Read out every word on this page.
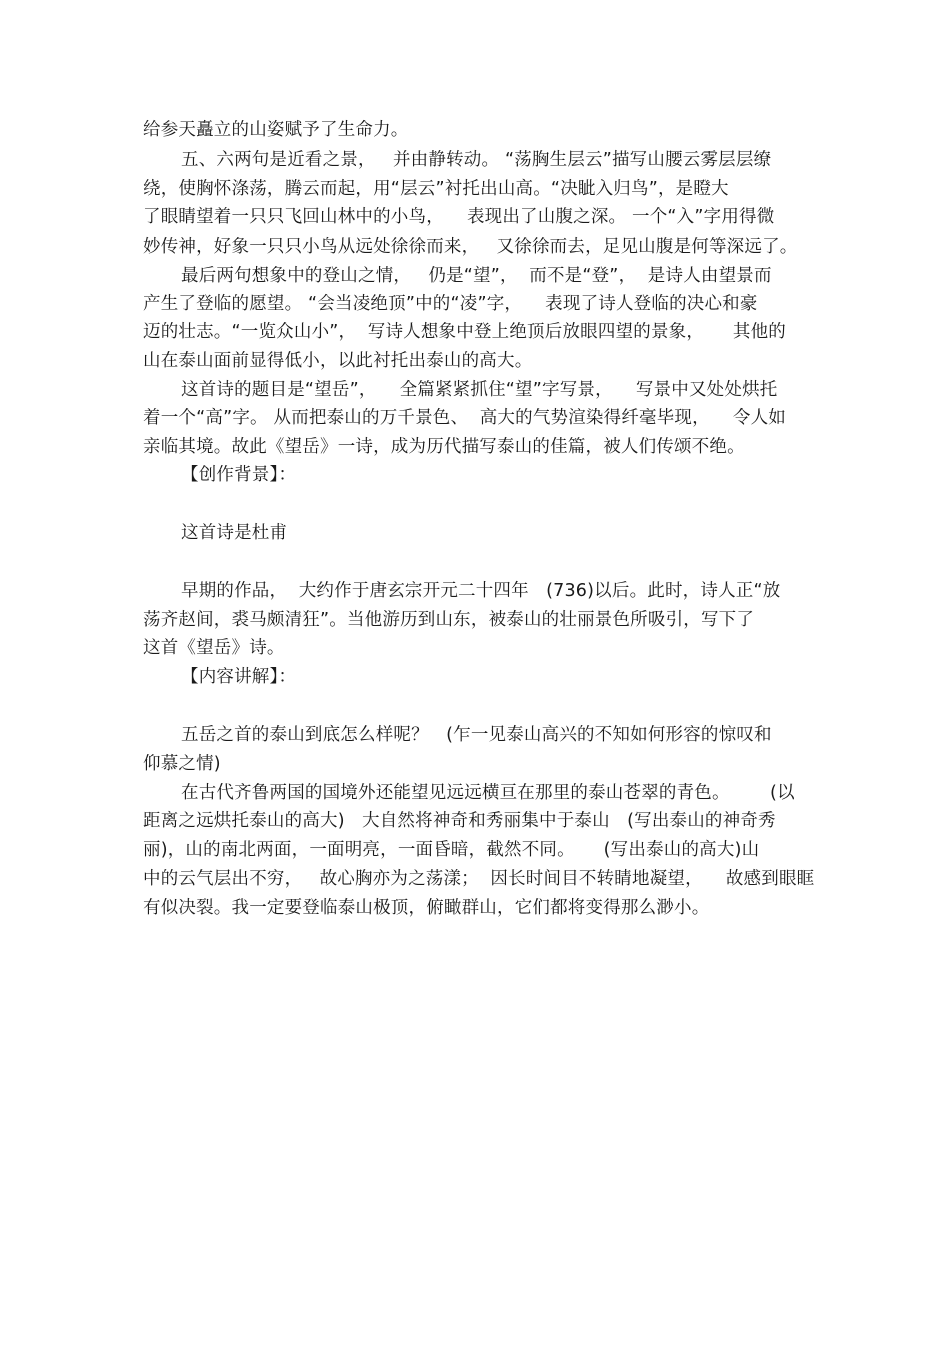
给参天矗立的山姿赋予了生命力。

五、六两句是近看之景，   并由静转动。 “荡胸生层云”描写山腰云雾层层缭

绕，使胸怀涤荡，腾云而起，用“层云”衬托出山高。“决眦入归鸟”，是瞪大

了眼睛望着一只只飞回山林中的小鸟，    表现出了山腹之深。 一个“入”字用得微

妙传神，好象一只只小鸟从远处徐徐而来，   又徐徐而去，足见山腹是何等深远了。

最后两句想象中的登山之情，   仍是“望”，  而不是“登”，  是诗人由望景而

产生了登临的愿望。 “会当凌绝顶”中的“凌”字，    表现了诗人登临的决心和豪

迈的壮志。“一览众山小”，  写诗人想象中登上绝顶后放眼四望的景象，     其他的

山在泰山面前显得低小，以此衬托出泰山的高大。

这首诗的题目是“望岳”，    全篇紧紧抓住“望”字写景，    写景中又处处烘托

着一个“高”字。 从而把泰山的万千景色、  高大的气势渲染得纤毫毕现，    令人如

亲临其境。故此《望岳》一诗，成为历代描写泰山的佳篇，被人们传颂不绝。

【创作背景】：

这首诗是杜甫

早期的作品，  大约作于唐玄宗开元二十四年   (736)以后。此时，诗人正“放

荡齐赵间，裘马颇清狂”。当他游历到山东，被泰山的壮丽景色所吸引，写下了

这首《望岳》诗。

【内容讲解】：

五岳之首的泰山到底怎么样呢？   (乍一见泰山高兴的不知如何形容的惊叹和

仰慕之情)

在古代齐鲁两国的国境外还能望见远远横亘在那里的泰山苍翠的青色。       (以

距离之远烘托泰山的高大)   大自然将神奇和秀丽集中于泰山   (写出泰山的神奇秀

丽)，山的南北两面，一面明亮，一面昏暗，截然不同。     (写出泰山的高大)山

中的云气层出不穷，   故心胸亦为之荡漾；  因长时间目不转睛地凝望，    故感到眼眶

有似决裂。我一定要登临泰山极顶，俯瞰群山，它们都将变得那么渺小。
